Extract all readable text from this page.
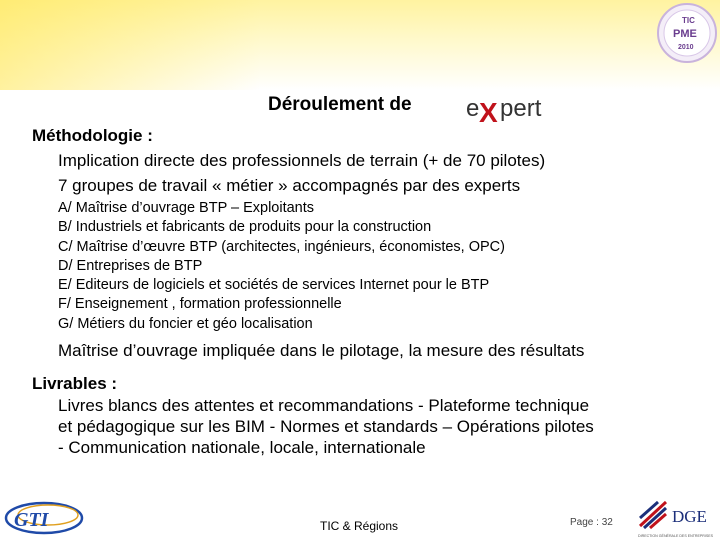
TIC
PME
2010
Déroulement de e X pert
Méthodologie :
Implication directe des professionnels de terrain (+ de 70 pilotes)
7 groupes de travail « métier » accompagnés par des experts
A/ Maîtrise d’ouvrage BTP – Exploitants
B/ Industriels et fabricants de produits pour la construction
C/ Maîtrise d’œuvre BTP (architectes, ingénieurs, économistes, OPC)
D/ Entreprises de BTP
E/ Editeurs de logiciels et sociétés de services Internet pour le BTP
F/ Enseignement , formation professionnelle
G/ Métiers du foncier et géo localisation
Maîtrise d’ouvrage impliquée dans le pilotage, la mesure des résultats
Livrables :
Livres blancs des attentes et recommandations - Plateforme technique
et pédagogique sur les BIM - Normes et standards – Opérations pilotes
- Communication nationale, locale, internationale
GTI	TIC & Régions	Page : 32	DGE
DIRECTION GÉNÉRALE DES ENTREPRISES
